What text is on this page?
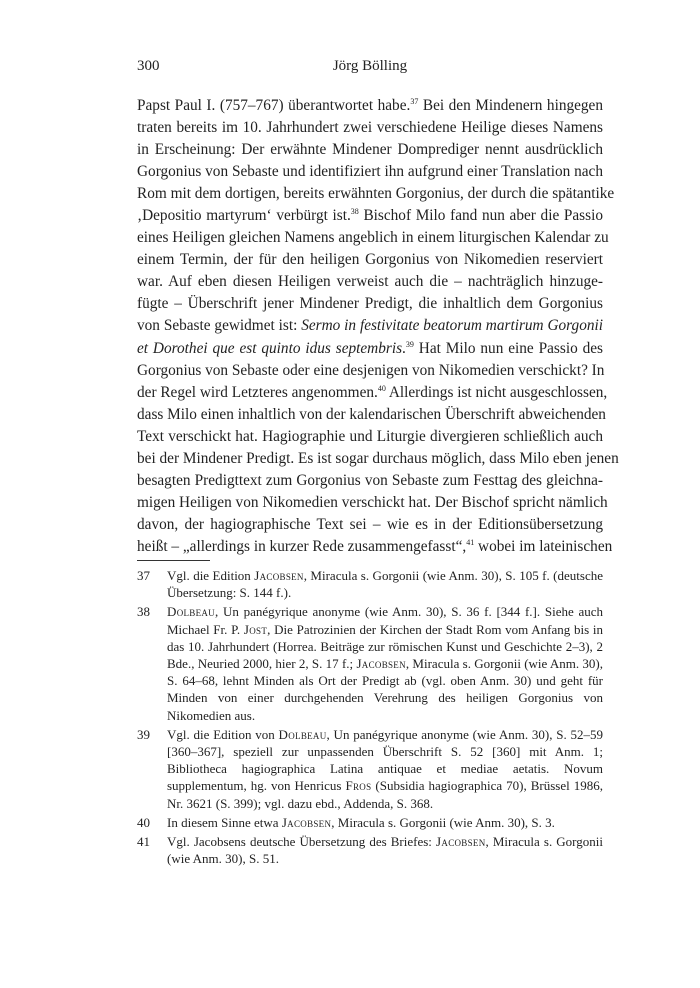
300	Jörg Bölling
Papst Paul I. (757–767) überantwortet habe.$^{37}$ Bei den Mindenern hingegen
traten bereits im 10. Jahrhundert zwei verschiedene Heilige dieses Namens
in Erscheinung: Der erwähnte Mindener Domprediger nennt ausdrücklich
Gorgonius von Sebaste und identifiziert ihn aufgrund einer Translation nach
Rom mit dem dortigen, bereits erwähnten Gorgonius, der durch die spätantike
‚Depositio martyrum‘ verbürgt ist.$^{38}$ Bischof Milo fand nun aber die Passio
eines Heiligen gleichen Namens angeblich in einem liturgischen Kalendar zu
einem Termin, der für den heiligen Gorgonius von Nikomedien reserviert
war. Auf eben diesen Heiligen verweist auch die – nachträglich hinzuge-
fügte – Überschrift jener Mindener Predigt, die inhaltlich dem Gorgonius
von Sebaste gewidmet ist: Sermo in festivitate beatorum martirum Gorgonii
et Dorothei que est quinto idus septembris.$^{39}$ Hat Milo nun eine Passio des
Gorgonius von Sebaste oder eine desjenigen von Nikomedien verschickt? In
der Regel wird Letzteres angenommen.$^{40}$ Allerdings ist nicht ausgeschlossen,
dass Milo einen inhaltlich von der kalendarischen Überschrift abweichenden
Text verschickt hat. Hagiographie und Liturgie divergieren schließlich auch
bei der Mindener Predigt. Es ist sogar durchaus möglich, dass Milo eben jenen
besagten Predigttext zum Gorgonius von Sebaste zum Festtag des gleichna-
migen Heiligen von Nikomedien verschickt hat. Der Bischof spricht nämlich
davon, der hagiographische Text sei – wie es in der Editionsübersetzung
heißt – „allerdings in kurzer Rede zusammengefasst“,$^{41}$ wobei im lateinischen
37 Vgl. die Edition Jacobsen, Miracula s. Gorgonii (wie Anm. 30), S. 105 f. (deutsche Übersetzung: S. 144 f.).
38 Dolbeau, Un panégyrique anonyme (wie Anm. 30), S. 36 f. [344 f.]. Siehe auch Michael Fr. P. Jost, Die Patrozinien der Kirchen der Stadt Rom vom Anfang bis in das 10. Jahrhundert (Horrea. Beiträge zur römischen Kunst und Geschichte 2–3), 2 Bde., Neuried 2000, hier 2, S. 17 f.; Jacobsen, Miracula s. Gorgonii (wie Anm. 30), S. 64–68, lehnt Minden als Ort der Predigt ab (vgl. oben Anm. 30) und geht für Minden von einer durchgehenden Verehrung des heiligen Gorgonius von Nikomedien aus.
39 Vgl. die Edition von Dolbeau, Un panégyrique anonyme (wie Anm. 30), S. 52–59 [360–367], speziell zur unpassenden Überschrift S. 52 [360] mit Anm. 1; Bibliotheca hagiographica Latina antiquae et mediae aetatis. Novum supplementum, hg. von Henricus Fros (Subsidia hagiographica 70), Brüssel 1986, Nr. 3621 (S. 399); vgl. dazu ebd., Addenda, S. 368.
40 In diesem Sinne etwa Jacobsen, Miracula s. Gorgonii (wie Anm. 30), S. 3.
41 Vgl. Jacobsens deutsche Übersetzung des Briefes: Jacobsen, Miracula s. Gorgonii (wie Anm. 30), S. 51.
